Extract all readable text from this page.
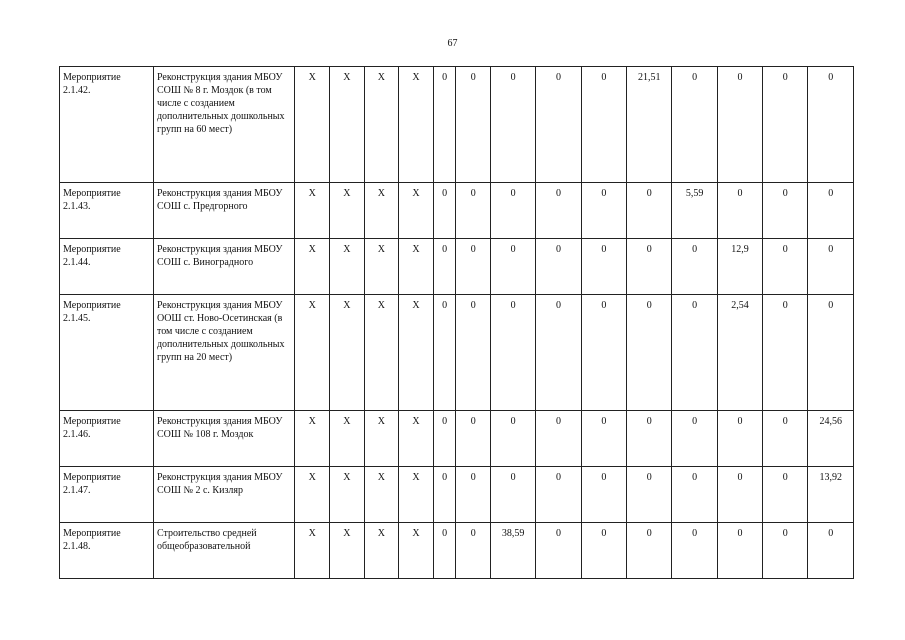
67
Мероприятие 2.1.42.	Реконструкция здания МБОУ СОШ № 8 г. Моздок (в том числе с созданием дополнительных дошкольных групп на 60 мест)	X	X	X	X	0	0	0	0	0	21,51	0	0	0	0
Мероприятие 2.1.43.	Реконструкция здания МБОУ СОШ с. Предгорного	X	X	X	X	0	0	0	0	0	0	5,59	0	0	0
Мероприятие 2.1.44.	Реконструкция здания МБОУ СОШ с. Виноградного	X	X	X	X	0	0	0	0	0	0	0	12,9	0	0
Мероприятие 2.1.45.	Реконструкция здания МБОУ ООШ ст. Ново-Осетинская (в том числе с созданием дополнительных дошкольных групп на 20 мест)	X	X	X	X	0	0	0	0	0	0	0	2,54	0	0
Мероприятие 2.1.46.	Реконструкция здания МБОУ СОШ № 108 г. Моздок	X	X	X	X	0	0	0	0	0	0	0	0	0	24,56
Мероприятие 2.1.47.	Реконструкция здания МБОУ СОШ № 2 с. Кизляр	X	X	X	X	0	0	0	0	0	0	0	0	0	13,92
Мероприятие 2.1.48.	Строительство средней общеобразовательной	X	X	X	X	0	0	38,59	0	0	0	0	0	0	0
